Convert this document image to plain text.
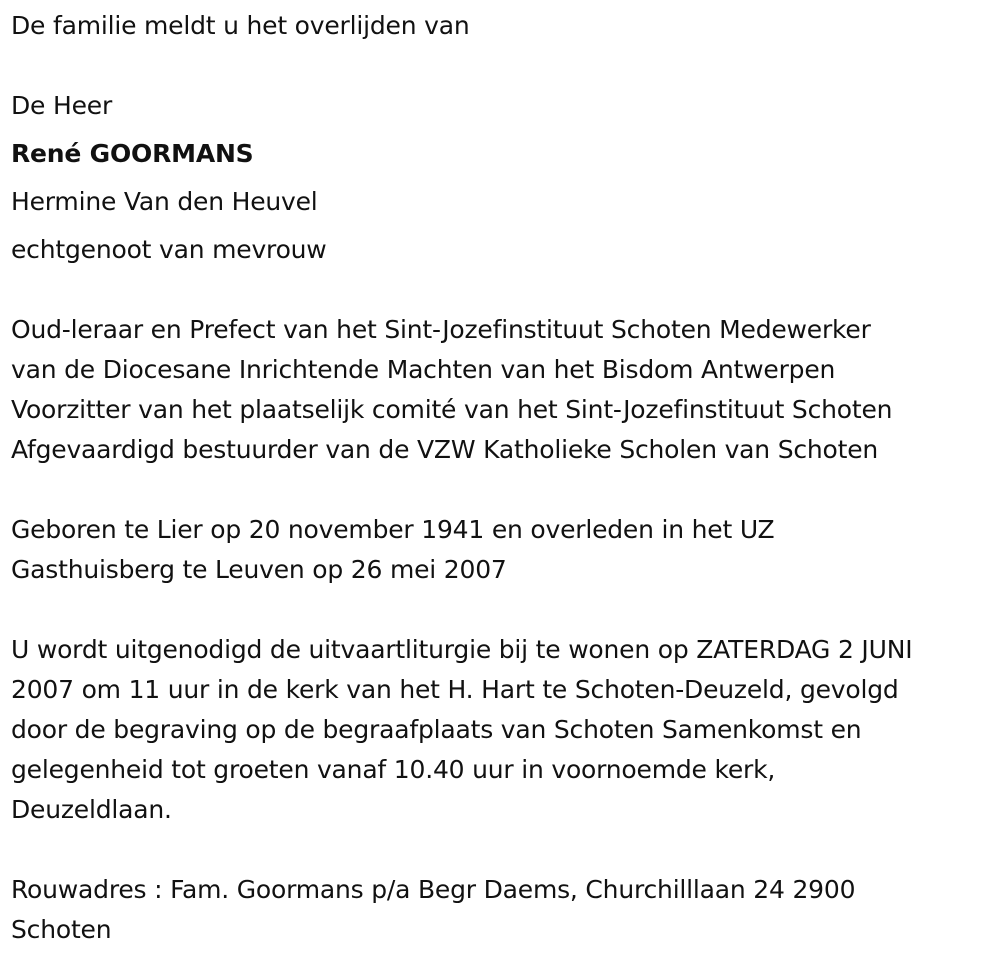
De familie meldt u het overlijden van
De Heer
René GOORMANS
Hermine Van den Heuvel
echtgenoot van mevrouw
Oud-leraar en Prefect van het Sint-Jozefinstituut Schoten Medewerker
van de Diocesane Inrichtende Machten van het Bisdom Antwerpen
Voorzitter van het plaatselijk comité van het Sint-Jozefinstituut Schoten
Afgevaardigd bestuurder van de VZW Katholieke Scholen van Schoten
Geboren te Lier op 20 november 1941 en overleden in het UZ
Gasthuisberg te Leuven op 26 mei 2007
U wordt uitgenodigd de uitvaartliturgie bij te wonen op ZATERDAG 2 JUNI
2007 om 11 uur in de kerk van het H. Hart te Schoten-Deuzeld, gevolgd
door de begraving op de begraafplaats van Schoten Samenkomst en
gelegenheid tot groeten vanaf 10.40 uur in voornoemde kerk,
Deuzeldlaan.
Rouwadres : Fam. Goormans p/a Begr Daems, Churchilllaan 24 2900
Schoten
